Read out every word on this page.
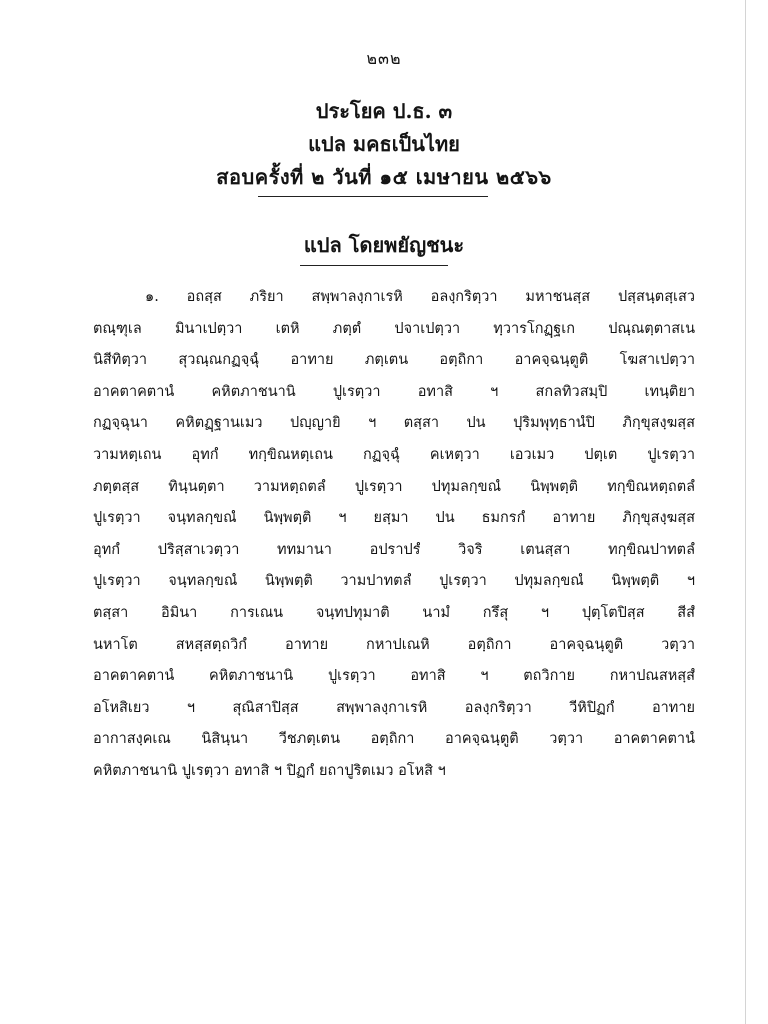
๒๓๒
ประโยค ป.ธ. ๓
แปล มคธเป็นไทย
สอบครั้งที่ ๒ วันที่ ๑๕ เมษายน ๒๕๖๖
แปล โดยพยัญชนะ
๑. อถสฺส ภริยา สพฺพาลงฺกาเรหิ อลงฺกริตฺวา มหาชนสฺส ปสฺสนฺตสฺเสว
ตณฺฑุเล มินาเปตฺวา เตหิ ภตฺตํ ปจาเปตฺวา ทฺวารโกฏฺฐเก ปณฺณตฺตาสเน
นิสีทิตฺวา สุวณฺณกฏจฺฉุํ อาทาย ภตฺเตน อตฺถิกา อาคจฺฉนฺตูติ โฆสาเปตฺวา
อาคตาคตานํ คหิตภาชนานิ ปูเรตฺวา อทาสิ ฯ สกลทิวสมฺปิ เทนฺติยา
กฏจฺฉุนา คหิตฏฺฐานเมว ปญฺญายิ ฯ ตสฺสา ปน ปุริมพุทฺธานํปิ ภิกฺขุสงฺฆสฺส
วามหตฺเถน อุทกํ ทกฺขิณหตฺเถน กฏจฺฉุํ คเหตฺวา เอวเมว ปตฺเต ปูเรตฺวา
ภตฺตสฺส ทินฺนตฺตา วามหตฺถตลํ ปูเรตฺวา ปทุมลกฺขณํ นิพฺพตฺติ ทกฺขิณหตฺถตลํ
ปูเรตฺวา จนฺทลกฺขณํ นิพฺพตฺติ ฯ ยสฺมา ปน ธมกรกํ อาทาย ภิกฺขุสงฺฆสฺส
อุทกํ ปริสฺสาเวตฺวา ททมานา อปราปรํ วิจริ เตนสฺสา ทกฺขิณปาทตลํ
ปูเรตฺวา จนฺทลกฺขณํ นิพฺพตฺติ วามปาทตลํ ปูเรตฺวา ปทุมลกฺขณํ นิพฺพตฺติ ฯ
ตสฺสา อิมินา การเณน จนฺทปทุมาติ นามํ กรึสุ ฯ ปุตฺโตปิสฺส สีสํ
นหาโต สหสฺสตฺถวิกํ อาทาย กหาปเณหิ อตฺถิกา อาคจฺฉนฺตูติ วตฺวา
อาคตาคตานํ คหิตภาชนานิ ปูเรตฺวา อทาสิ ฯ ตถวิกาย กหาปณสหสฺสํ
อโหสิเยว ฯ สุณิสาปิสฺส สพฺพาลงฺกาเรหิ อลงฺกริตฺวา วีหิปิฏกํ อาทาย
อากาสงฺคเณ นิสินฺนา วีชภตฺเตน อตฺถิกา อาคจฺฉนฺตูติ วตฺวา อาคตาคตานํ
คหิตภาชนานิ ปูเรตฺวา อทาสิ ฯ ปิฏกํ ยถาปูริตเมว อโหสิ ฯ
